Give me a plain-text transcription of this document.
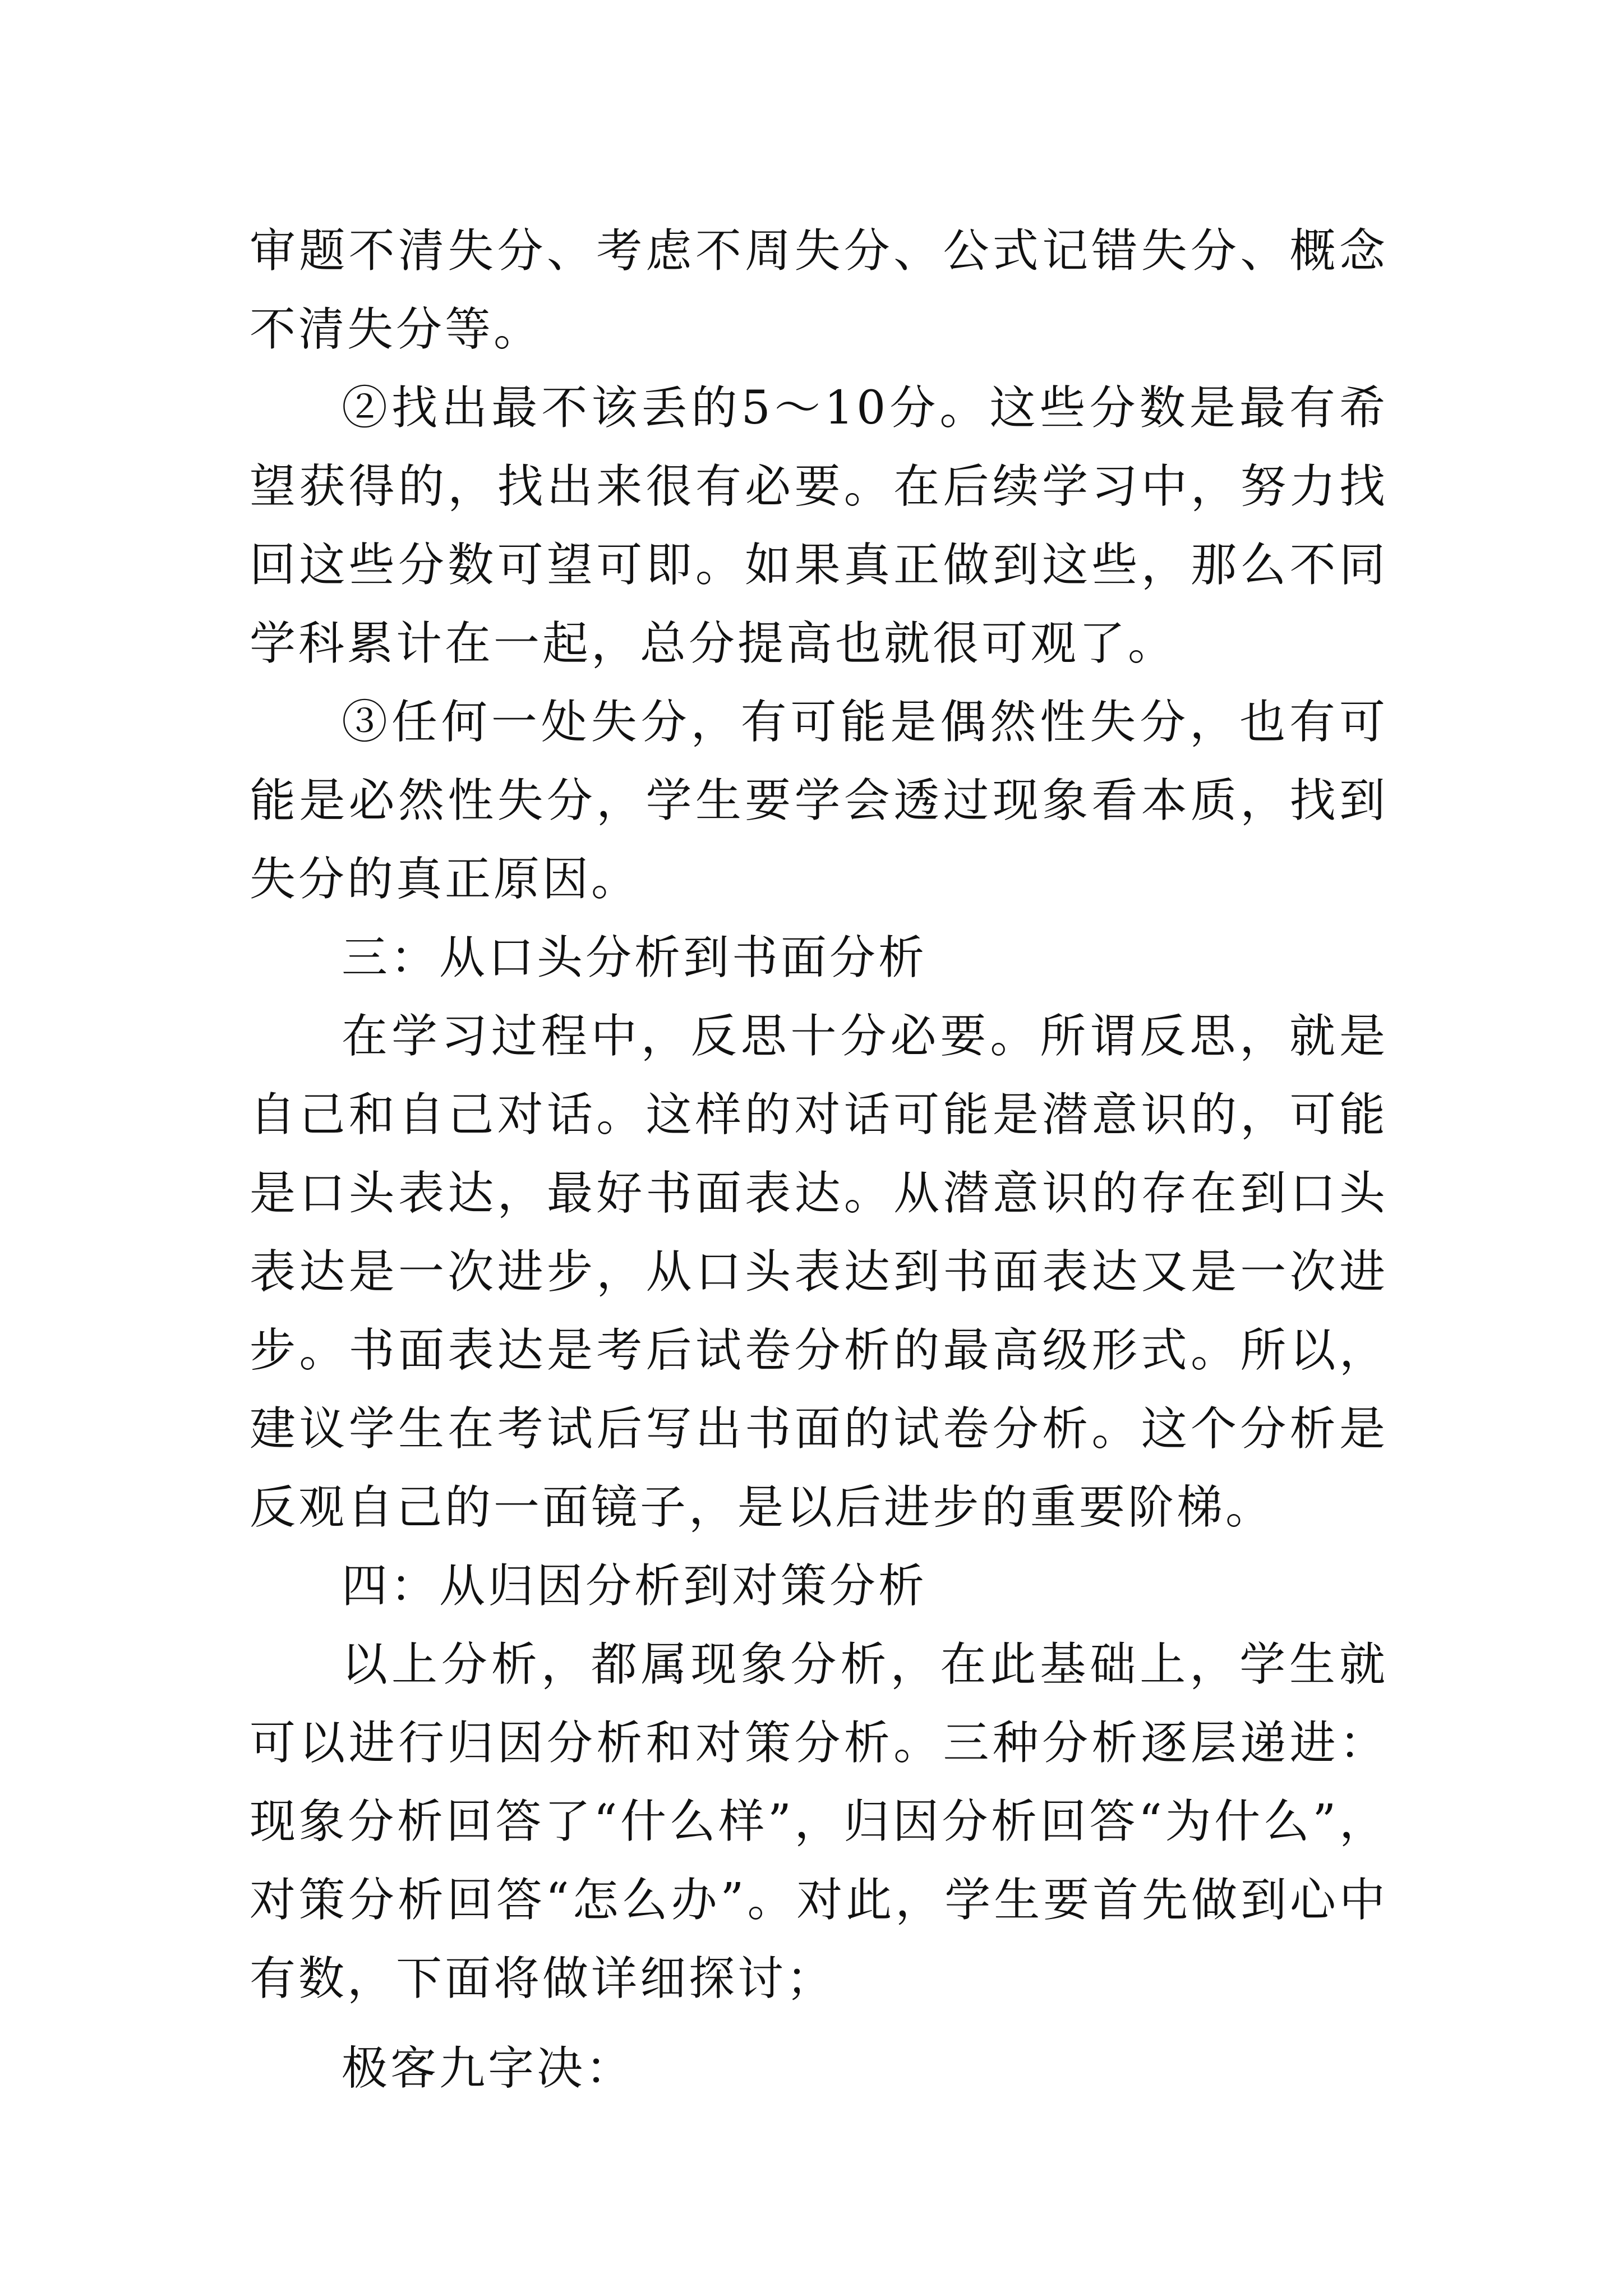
审题不清失分、考虑不周失分、公式记错失分、概念不清失分等。

②找出最不该丢的5～10分。这些分数是最有希望获得的，找出来很有必要。在后续学习中，努力找回这些分数可望可即。如果真正做到这些，那么不同学科累计在一起，总分提高也就很可观了。

③任何一处失分，有可能是偶然性失分，也有可能是必然性失分，学生要学会透过现象看本质，找到失分的真正原因。

三：从口头分析到书面分析

在学习过程中，反思十分必要。所谓反思，就是自己和自己对话。这样的对话可能是潜意识的，可能是口头表达，最好书面表达。从潜意识的存在到口头表达是一次进步，从口头表达到书面表达又是一次进步。书面表达是考后试卷分析的最高级形式。所以，建议学生在考试后写出书面的试卷分析。这个分析是反观自己的一面镜子，是以后进步的重要阶梯。

四：从归因分析到对策分析

以上分析，都属现象分析，在此基础上，学生就可以进行归因分析和对策分析。三种分析逐层递进：现象分析回答了“什么样”，归因分析回答“为什么”，对策分析回答“怎么办”。对此，学生要首先做到心中有数，下面将做详细探讨；

极客九字决：
